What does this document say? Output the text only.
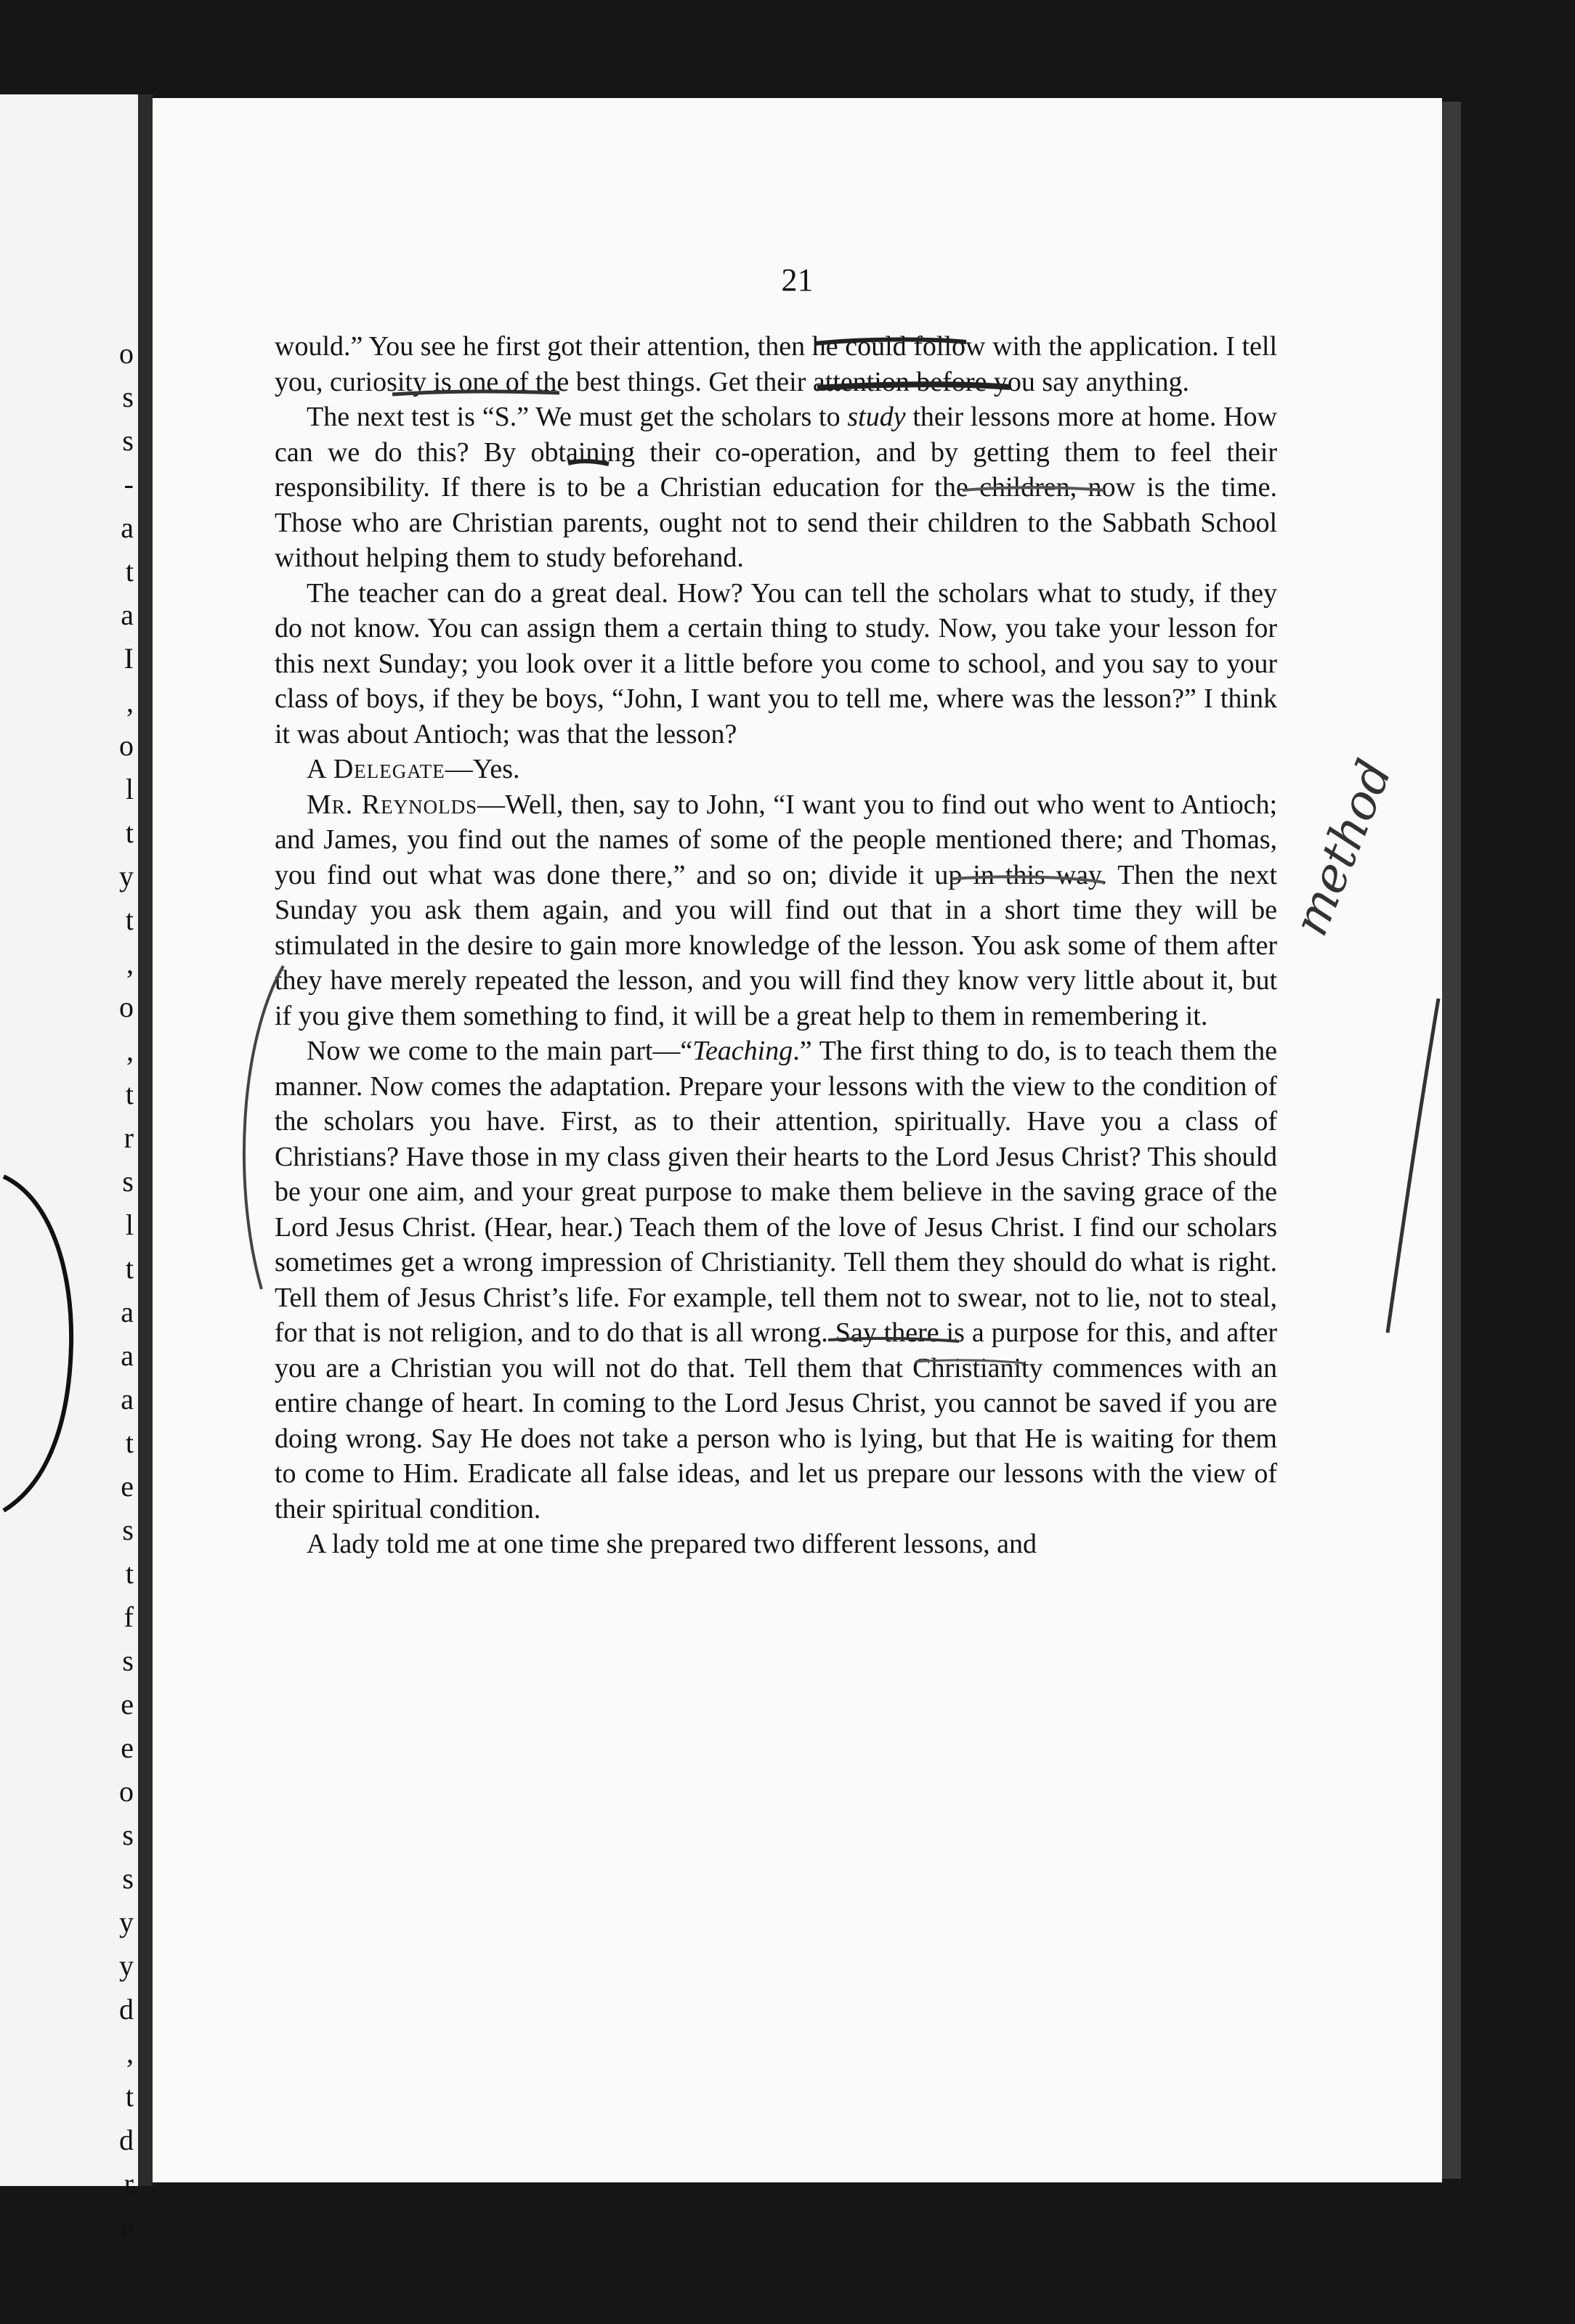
o
s
s
-
a
t
a
I
,
o
l
t
y
t
,
o
,
t
r
s
l
t
a
a
a
t
e
s
t
f
s
e
e
o
s
s
y
y
d
,
t
d
r
e
21

would.” You see he first got their attention, then he could follow with the application. I tell you, curiosity is one of the best things. Get their attention before you say anything.

The next test is “S.” We must get the scholars to study their lessons more at home. How can we do this? By obtaining their co-operation, and by getting them to feel their responsibility. If there is to be a Christian education for the children, now is the time. Those who are Christian parents, ought not to send their children to the Sabbath School without helping them to study beforehand.

The teacher can do a great deal. How? You can tell the scholars what to study, if they do not know. You can assign them a certain thing to study. Now, you take your lesson for this next Sunday; you look over it a little before you come to school, and you say to your class of boys, if they be boys, “John, I want you to tell me, where was the lesson?” I think it was about Antioch; was that the lesson?

A Delegate—Yes.

Mr. Reynolds—Well, then, say to John, “I want you to find out who went to Antioch; and James, you find out the names of some of the people mentioned there; and Thomas, you find out what was done there,” and so on; divide it up in this way. Then the next Sunday you ask them again, and you will find out that in a short time they will be stimulated in the desire to gain more knowledge of the lesson. You ask some of them after they have merely repeated the lesson, and you will find they know very little about it, but if you give them something to find, it will be a great help to them in remembering it.

Now we come to the main part—“Teaching.” The first thing to do, is to teach them the manner. Now comes the adaptation. Prepare your lessons with the view to the condition of the scholars you have. First, as to their attention, spiritually. Have you a class of Christians? Have those in my class given their hearts to the Lord Jesus Christ? This should be your one aim, and your great purpose to make them believe in the saving grace of the Lord Jesus Christ. (Hear, hear.) Teach them of the love of Jesus Christ. I find our scholars sometimes get a wrong impression of Christianity. Tell them they should do what is right. Tell them of Jesus Christ’s life. For example, tell them not to swear, not to lie, not to steal, for that is not religion, and to do that is all wrong. Say there is a purpose for this, and after you are a Christian you will not do that. Tell them that Christianity commences with an entire change of heart. In coming to the Lord Jesus Christ, you cannot be saved if you are doing wrong. Say He does not take a person who is lying, but that He is waiting for them to come to Him. Eradicate all false ideas, and let us prepare our lessons with the view of their spiritual condition.

A lady told me at one time she prepared two different lessons, and

method
